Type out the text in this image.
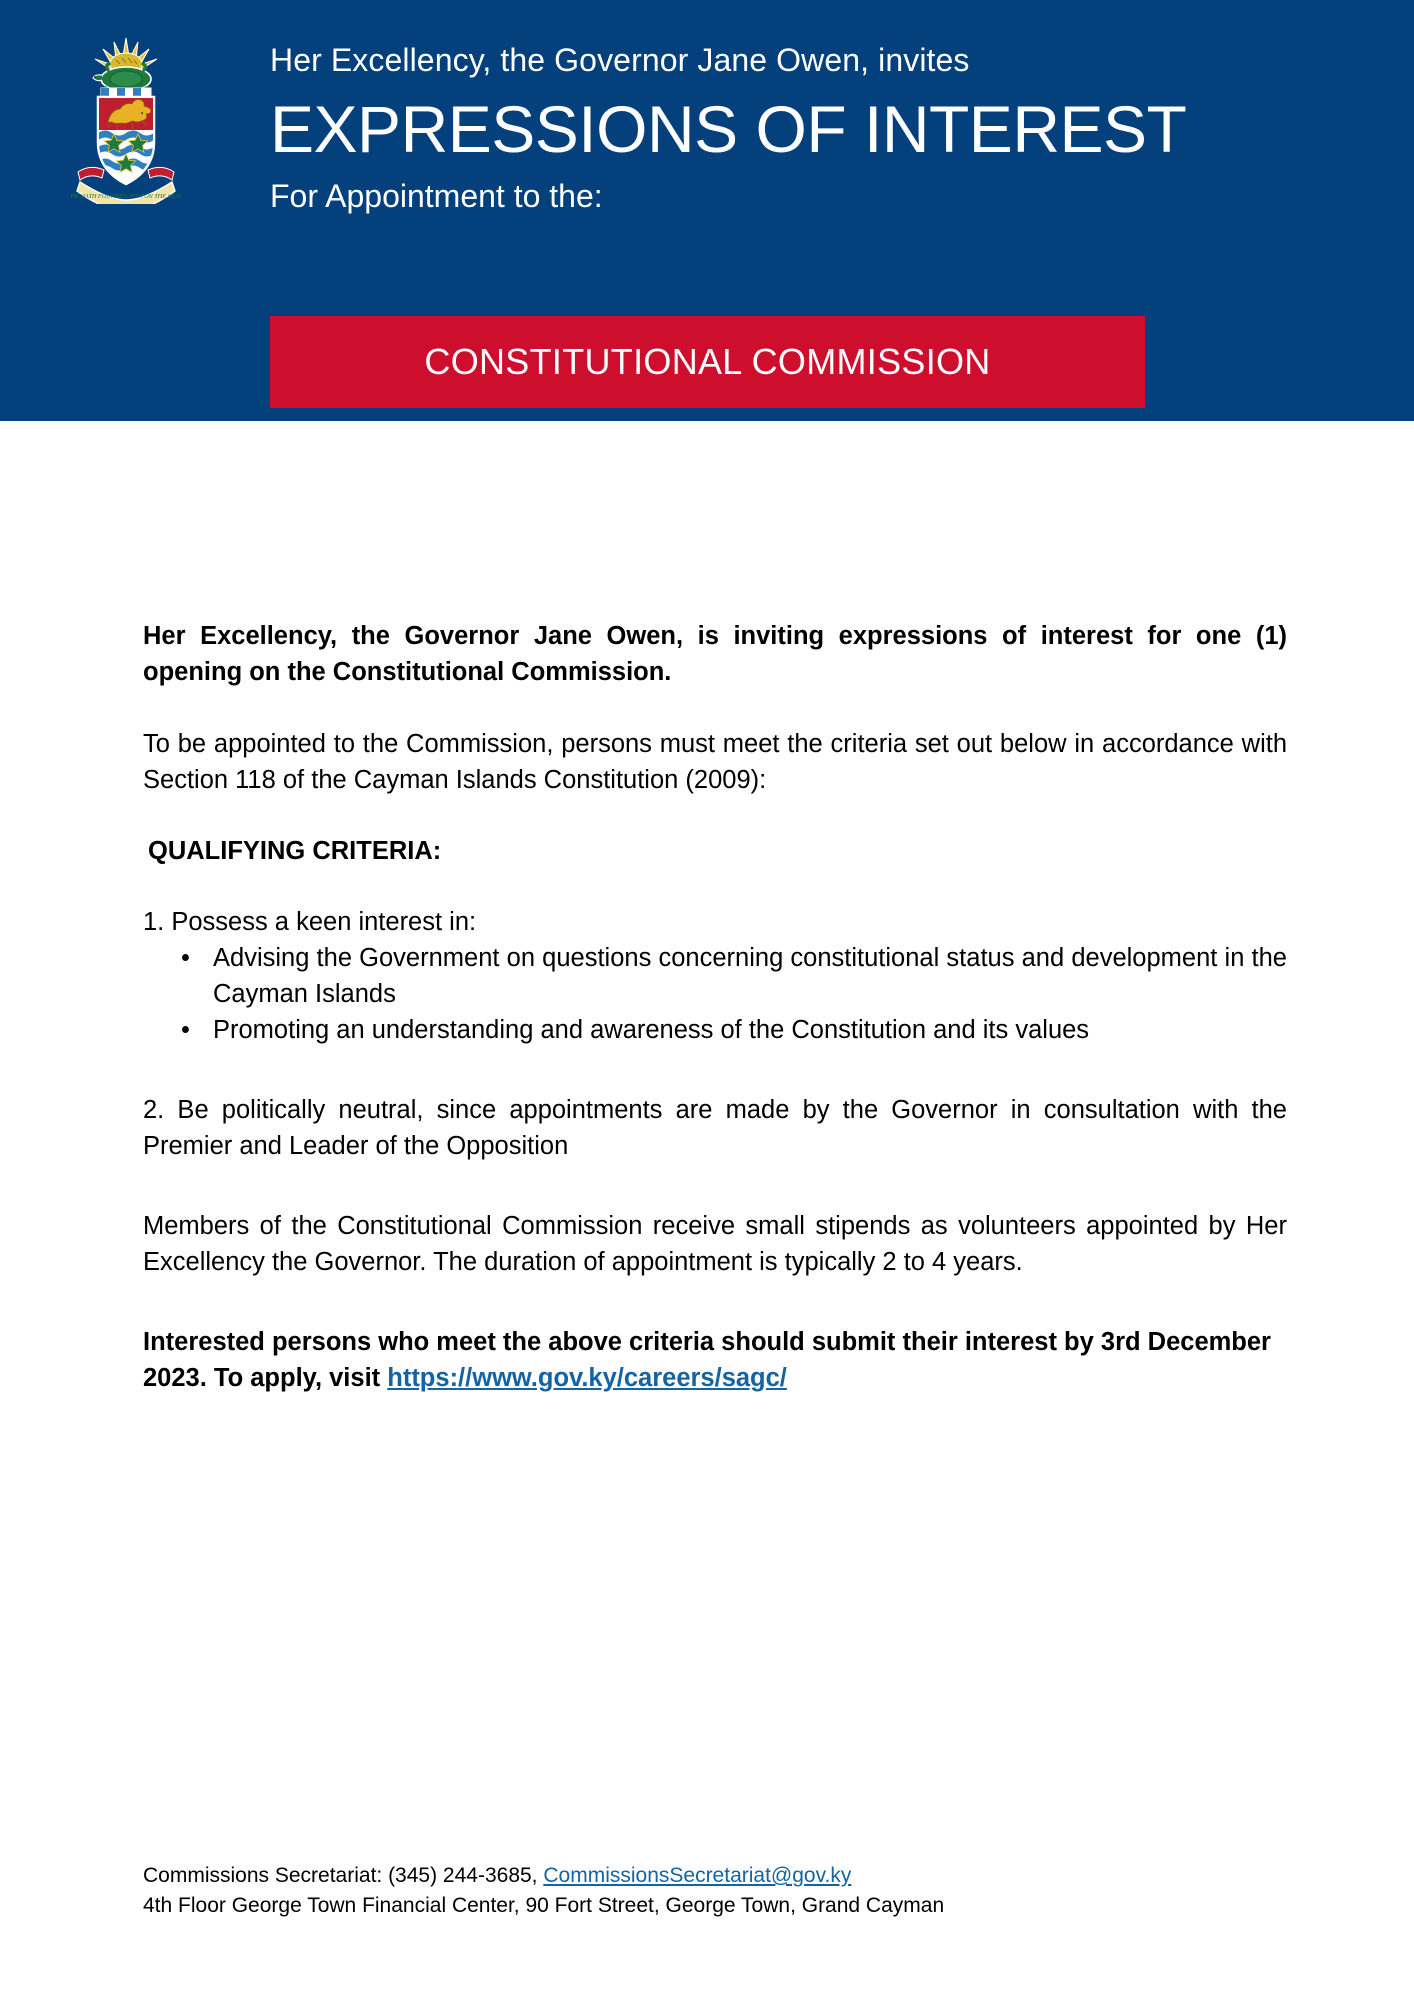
HE HATH FOUNDED IT UPON THE SEAS
Her Excellency, the Governor Jane Owen, invites
EXPRESSIONS OF INTEREST
For Appointment to the:
CONSTITUTIONAL COMMISSION

Her Excellency, the Governor Jane Owen, is inviting expressions of interest for one (1) opening on the Constitutional Commission.

To be appointed to the Commission, persons must meet the criteria set out below in accordance with Section 118 of the Cayman Islands Constitution (2009):

QUALIFYING CRITERIA:

1. Possess a keen interest in:

• Advising the Government on questions concerning constitutional status and development in the Cayman Islands
• Promoting an understanding and awareness of the Constitution and its values

2. Be politically neutral, since appointments are made by the Governor in consultation with the Premier and Leader of the Opposition

Members of the Constitutional Commission receive small stipends as volunteers appointed by Her Excellency the Governor. The duration of appointment is typically 2 to 4 years.

Interested persons who meet the above criteria should submit their interest by 3rd December 2023. To apply, visit https://www.gov.ky/careers/sagc/

Commissions Secretariat: (345) 244-3685, CommissionsSecretariat@gov.ky
4th Floor George Town Financial Center, 90 Fort Street, George Town, Grand Cayman
